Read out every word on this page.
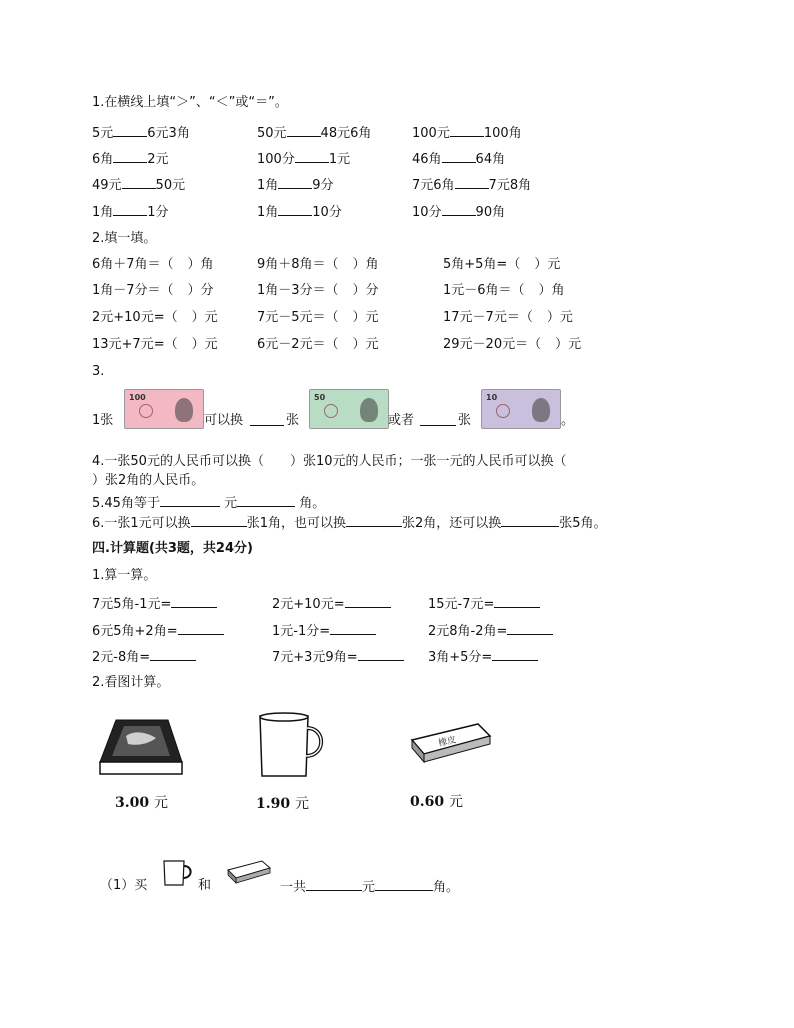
1.在横线上填“＞”、“＜”或“＝”。
5元	6元3角	50元	48元6角	100元	100角
6角	2元	100分	1元	46角	64角
49元	50元	1角	9分	7元6角	7元8角
1角	1分	1角	10分	10分	90角
2.填一填。
6角＋7角＝（ ）角	9角＋8角＝（ ）角	5角+5角=（ ）元
1角－7分＝（ ）分	1角－3分＝（ ）分	1元－6角＝（ ）角
2元+10元=（ ）元	7元－5元＝（ ）元	17元－7元＝（ ）元
13元+7元=（ ）元	6元－2元＝（ ）元	29元－20元＝（ ）元
3.
1张
100
可以换	张
50
或者	张
10
。
4.一张50元的人民币可以换（　　）张10元的人民币；一张一元的人民币可以换（
）张2角的人民币。
5.45角等于	元	角。
6.一张1元可以换	张1角，也可以换	张2角，还可以换	张5角。
四.计算题(共3题，共24分)
1.算一算。
7元5角-1元=	2元+10元=	15元-7元=
6元5角+2角=	1元-1分=	2元8角-2角=
2元-8角=	7元+3元9角=	3角+5分=
2.看图计算。
3.00 元	1.90 元
橡皮
0.60 元
（1）买	和	一共	元	角。
